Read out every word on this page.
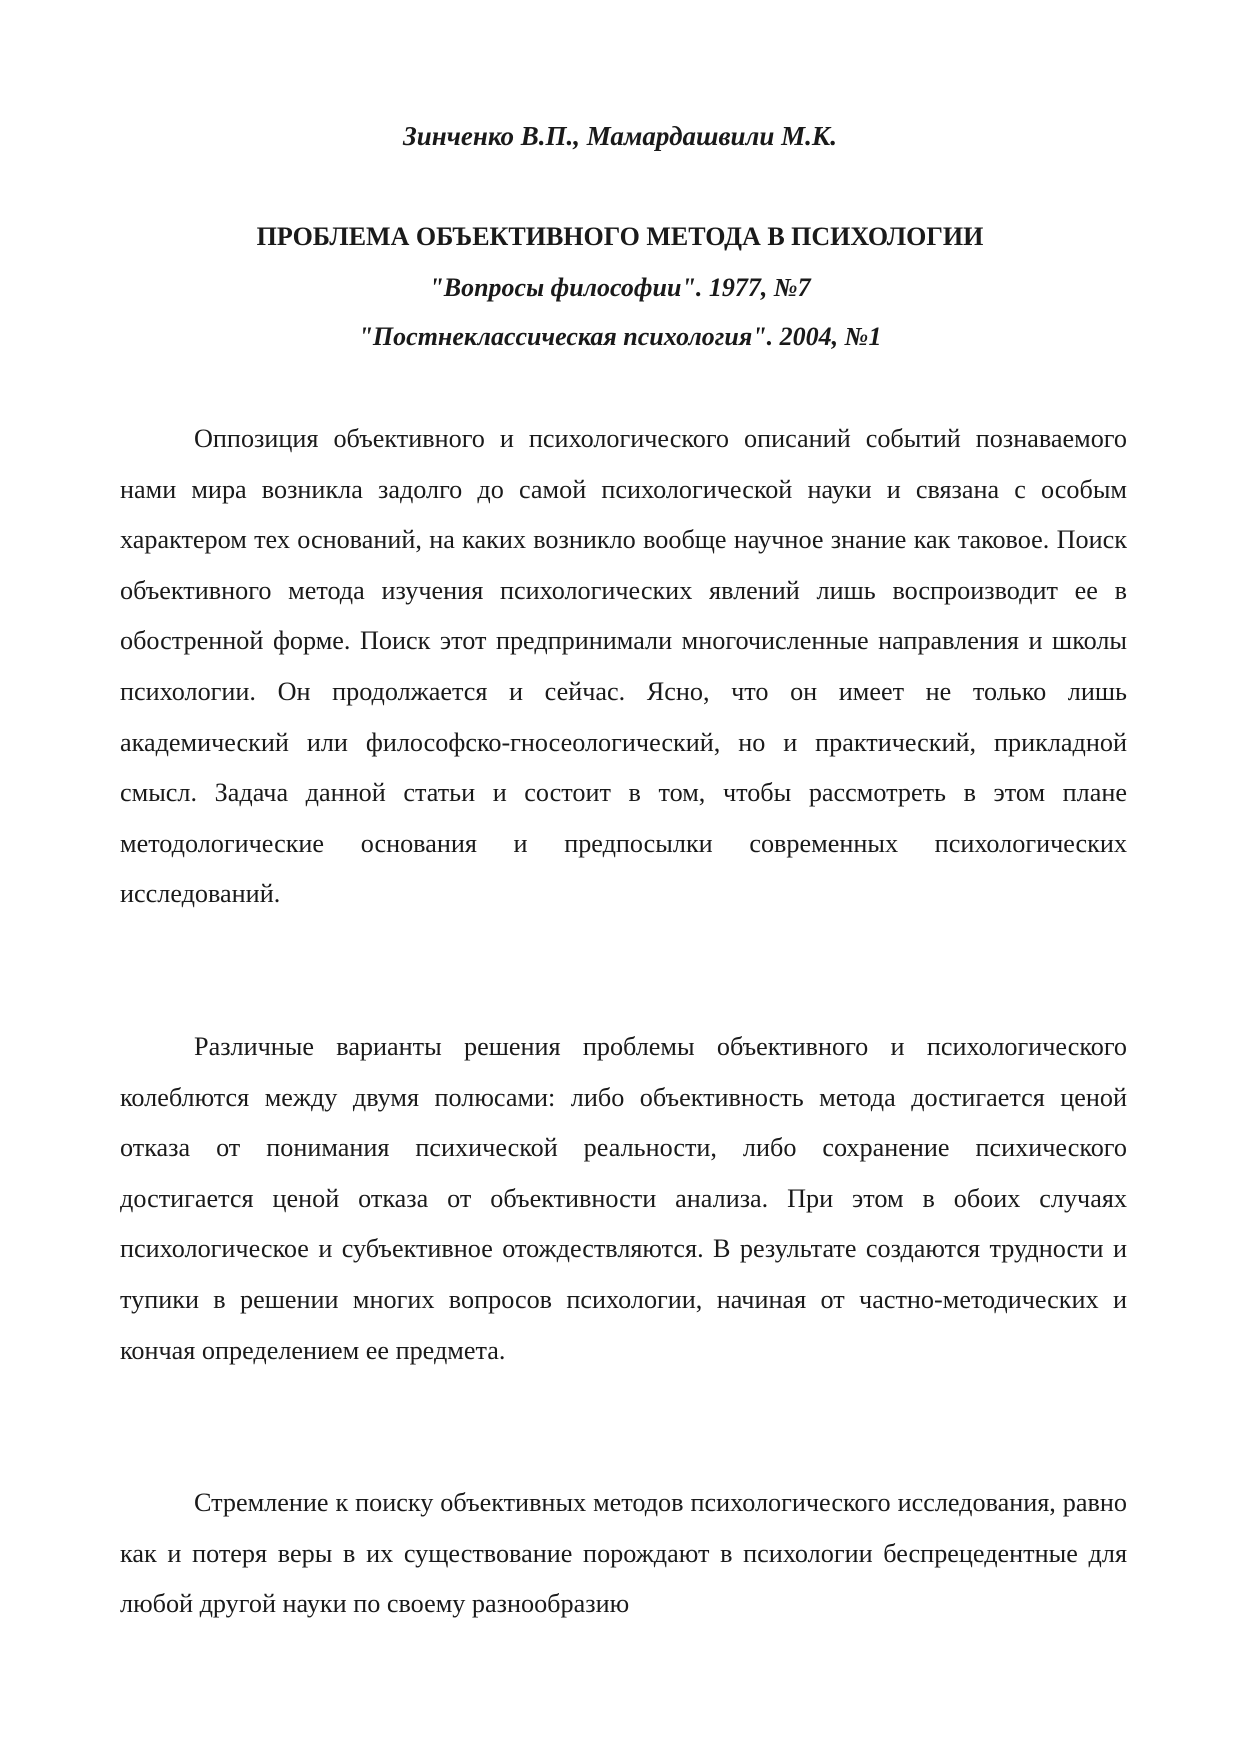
Зинченко В.П., Мамардашвили М.К.
ПРОБЛЕМА ОБЪЕКТИВНОГО МЕТОДА В ПСИХОЛОГИИ
"Вопросы философии". 1977, №7
"Постнеклассическая психология". 2004, №1

Оппозиция объективного и психологического описаний событий познаваемого нами мира возникла задолго до самой психологической науки и связана с особым характером тех оснований, на каких возникло вообще научное знание как таковое. Поиск объективного метода изучения психологических явлений лишь воспроизводит ее в обостренной форме. Поиск этот предпринимали многочисленные направления и школы психологии. Он продолжается и сейчас. Ясно, что он имеет не только лишь академический или философско-гносеологический, но и практический, прикладной смысл. Задача данной статьи и состоит в том, чтобы рассмотреть в этом плане методологические основания и предпосылки современных психологических исследований.

Различные варианты решения проблемы объективного и психологического колеблются между двумя полюсами: либо объективность метода достигается ценой отказа от понимания психической реальности, либо сохранение психического достигается ценой отказа от объективности анализа. При этом в обоих случаях психологическое и субъективное отождествляются. В результате создаются трудности и тупики в решении многих вопросов психологии, начиная от частно-методических и кончая определением ее предмета.

Стремление к поиску объективных методов психологического исследования, равно как и потеря веры в их существование порождают в психологии беспрецедентные для любой другой науки по своему разнообразию
